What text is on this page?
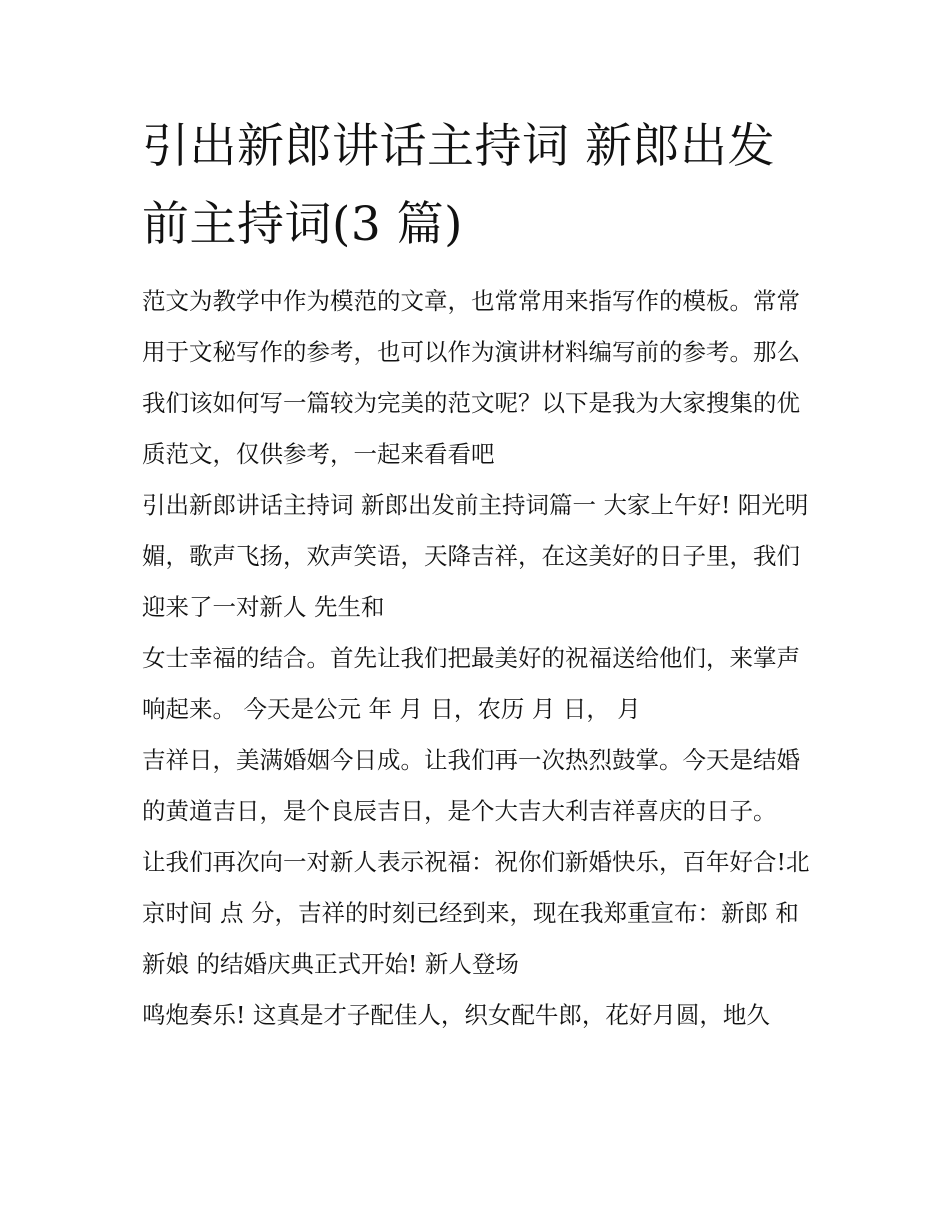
引出新郎讲话主持词 新郎出发
前主持词(3 篇)

范文为教学中作为模范的文章，也常常用来指写作的模板。常常用于文秘写作的参考，也可以作为演讲材料编写前的参考。那么我们该如何写一篇较为完美的范文呢？以下是我为大家搜集的优质范文，仅供参考，一起来看看吧

引出新郎讲话主持词 新郎出发前主持词篇一 大家上午好! 阳光明媚，歌声飞扬，欢声笑语，天降吉祥，在这美好的日子里，我们迎来了一对新人 先生和

女士幸福的结合。首先让我们把最美好的祝福送给他们，来掌声响起来。 今天是公元 年 月 日，农历 月 日， 月

吉祥日，美满婚姻今日成。让我们再一次热烈鼓掌。今天是结婚的黄道吉日，是个良辰吉日，是个大吉大利吉祥喜庆的日子。

让我们再次向一对新人表示祝福：祝你们新婚快乐，百年好合!北京时间 点 分，吉祥的时刻已经到来，现在我郑重宣布：新郎 和新娘 的结婚庆典正式开始! 新人登场

鸣炮奏乐! 这真是才子配佳人，织女配牛郎，花好月圆，地久
